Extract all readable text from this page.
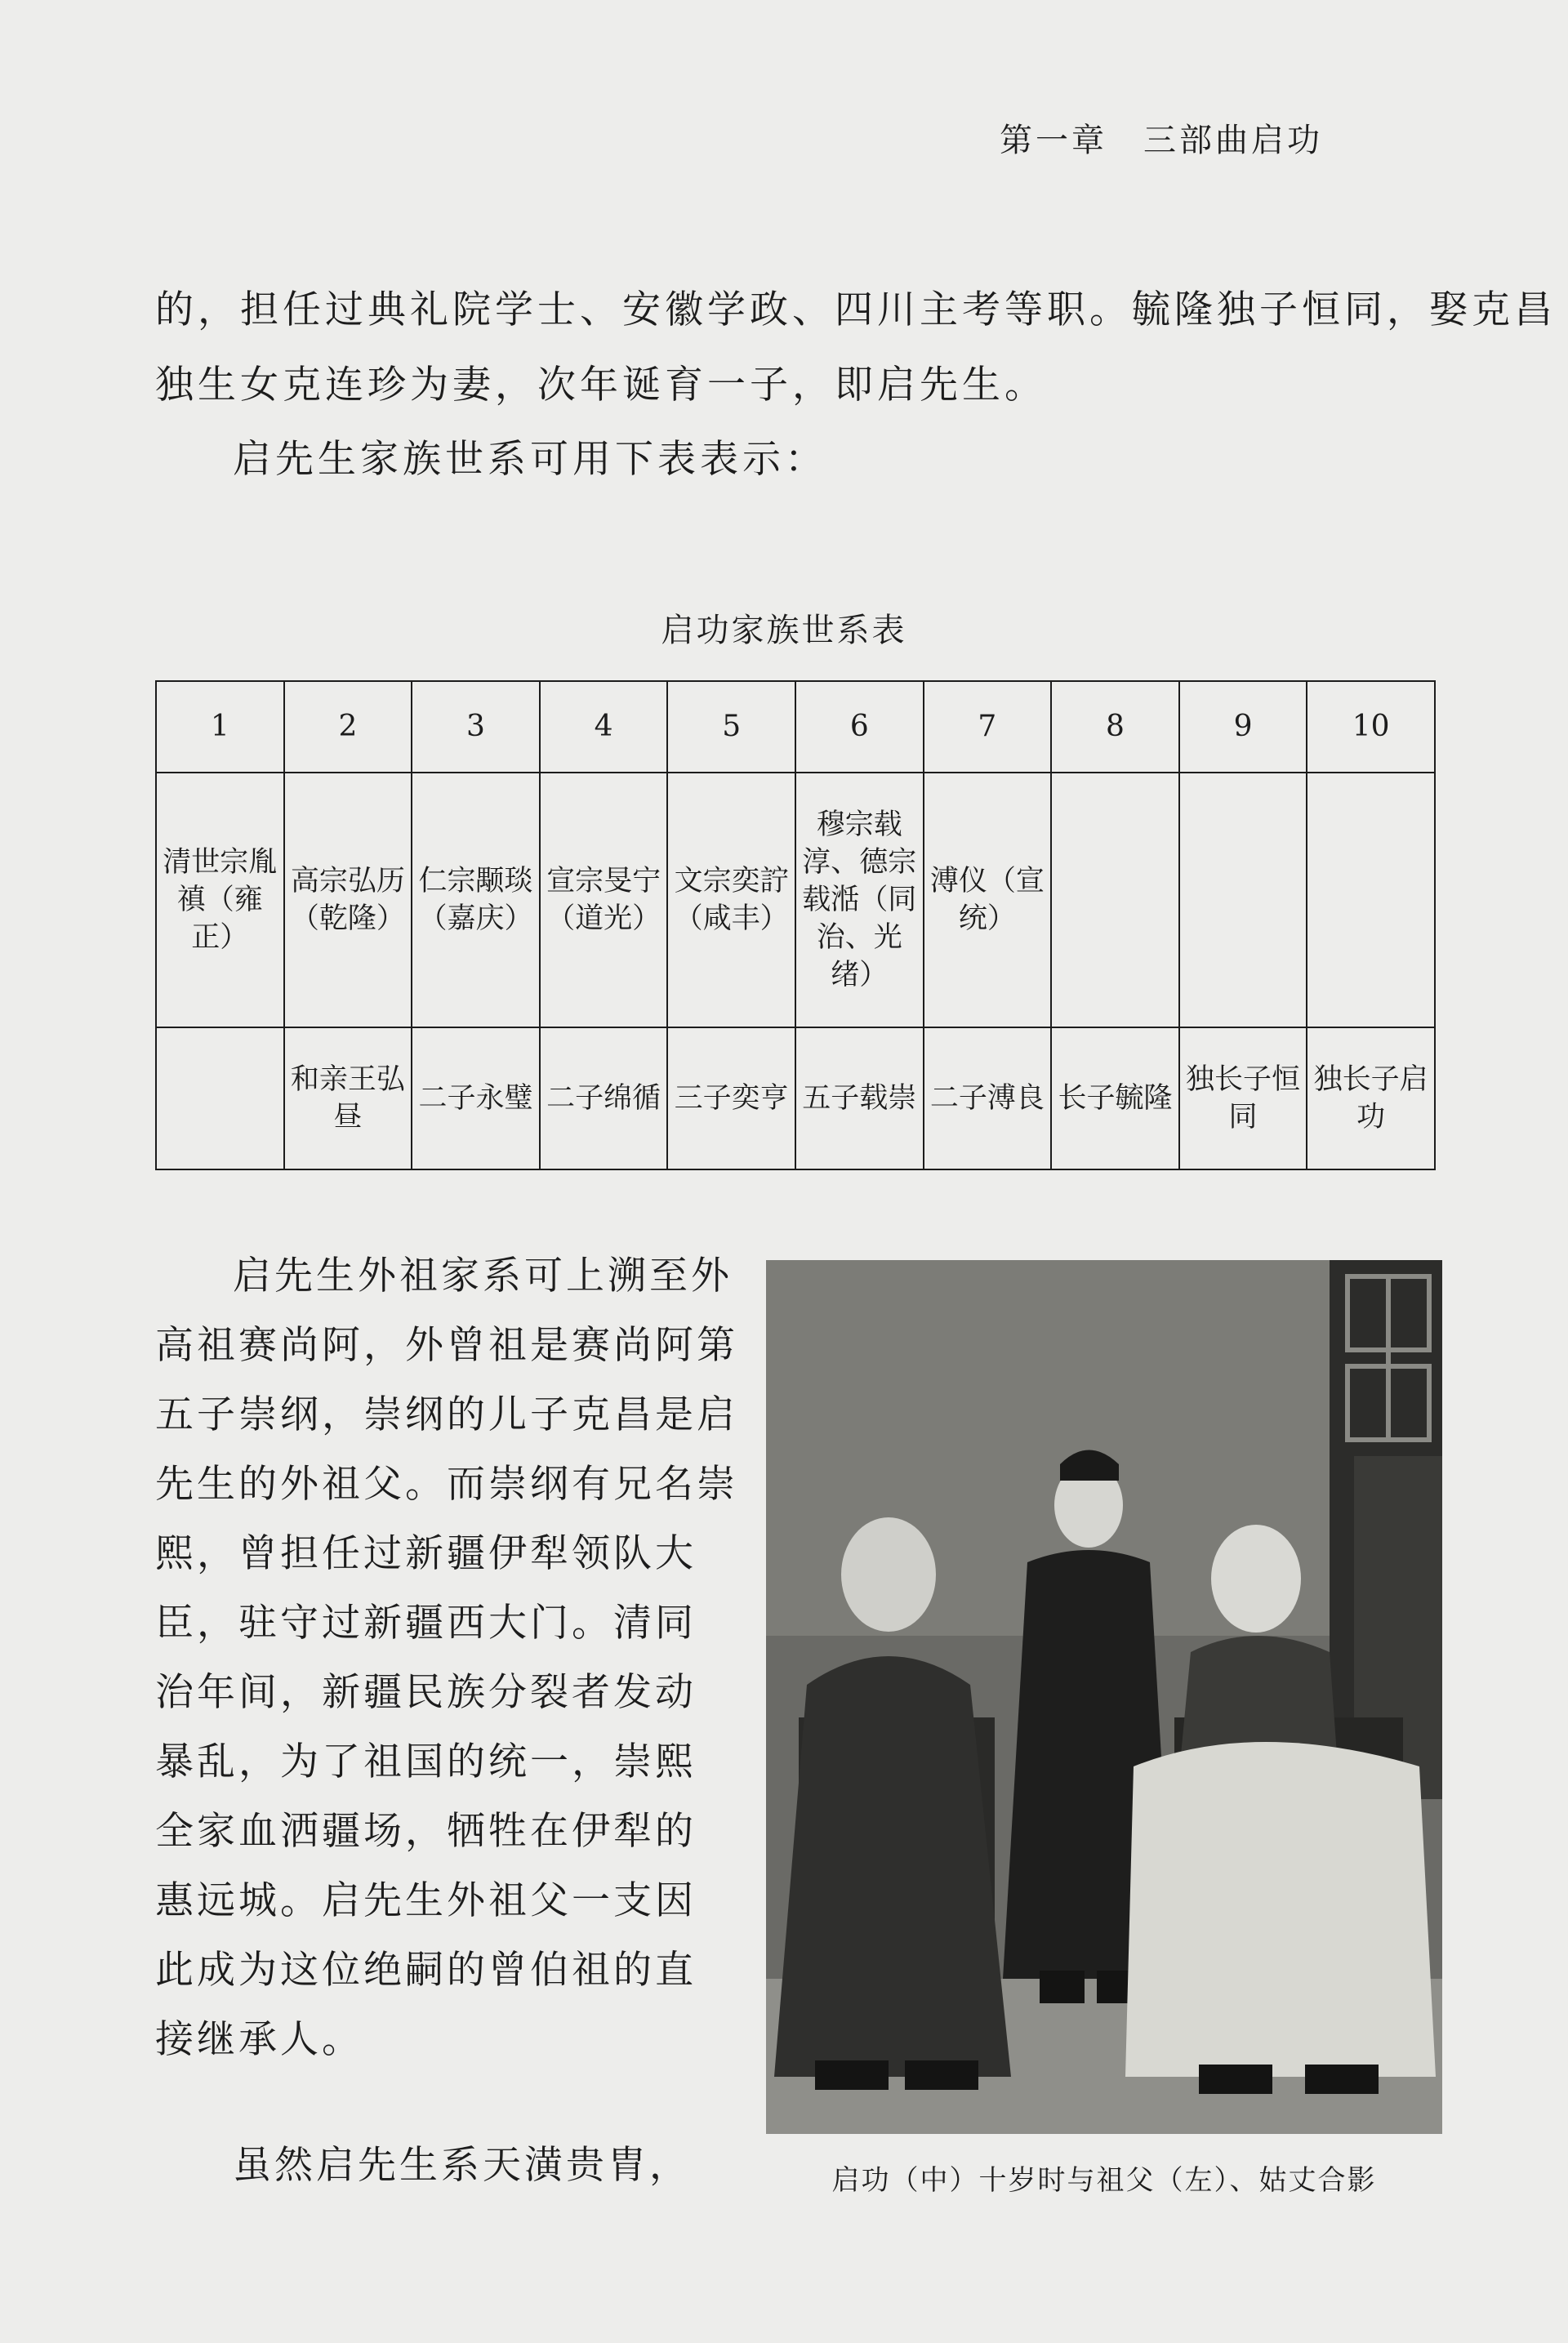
第一章　三部曲启功
的，担任过典礼院学士、安徽学政、四川主考等职。毓隆独子恒同，娶克昌
独生女克连珍为妻，次年诞育一子，即启先生。
启先生家族世系可用下表表示：
启功家族世系表
1	2	3	4	5	6	7	8	9	10
清世宗胤禛（雍正）	高宗弘历（乾隆）	仁宗颙琰（嘉庆）	宣宗旻宁（道光）	文宗奕詝（咸丰）	穆宗载淳、德宗载湉（同治、光绪）	溥仪（宣统）			
	和亲王弘昼	二子永璧	二子绵循	三子奕亨	五子载崇	二子溥良	长子毓隆	独长子恒同	独长子启功
启先生外祖家系可上溯至外
高祖赛尚阿，外曾祖是赛尚阿第
五子崇纲，崇纲的儿子克昌是启
先生的外祖父。而崇纲有兄名崇
熙，曾担任过新疆伊犁领队大
臣，驻守过新疆西大门。清同
治年间，新疆民族分裂者发动
暴乱，为了祖国的统一，崇熙
全家血洒疆场，牺牲在伊犁的
惠远城。启先生外祖父一支因
此成为这位绝嗣的曾伯祖的直
接继承人。
虽然启先生系天潢贵胄，	启功（中）十岁时与祖父（左）、姑丈合影
